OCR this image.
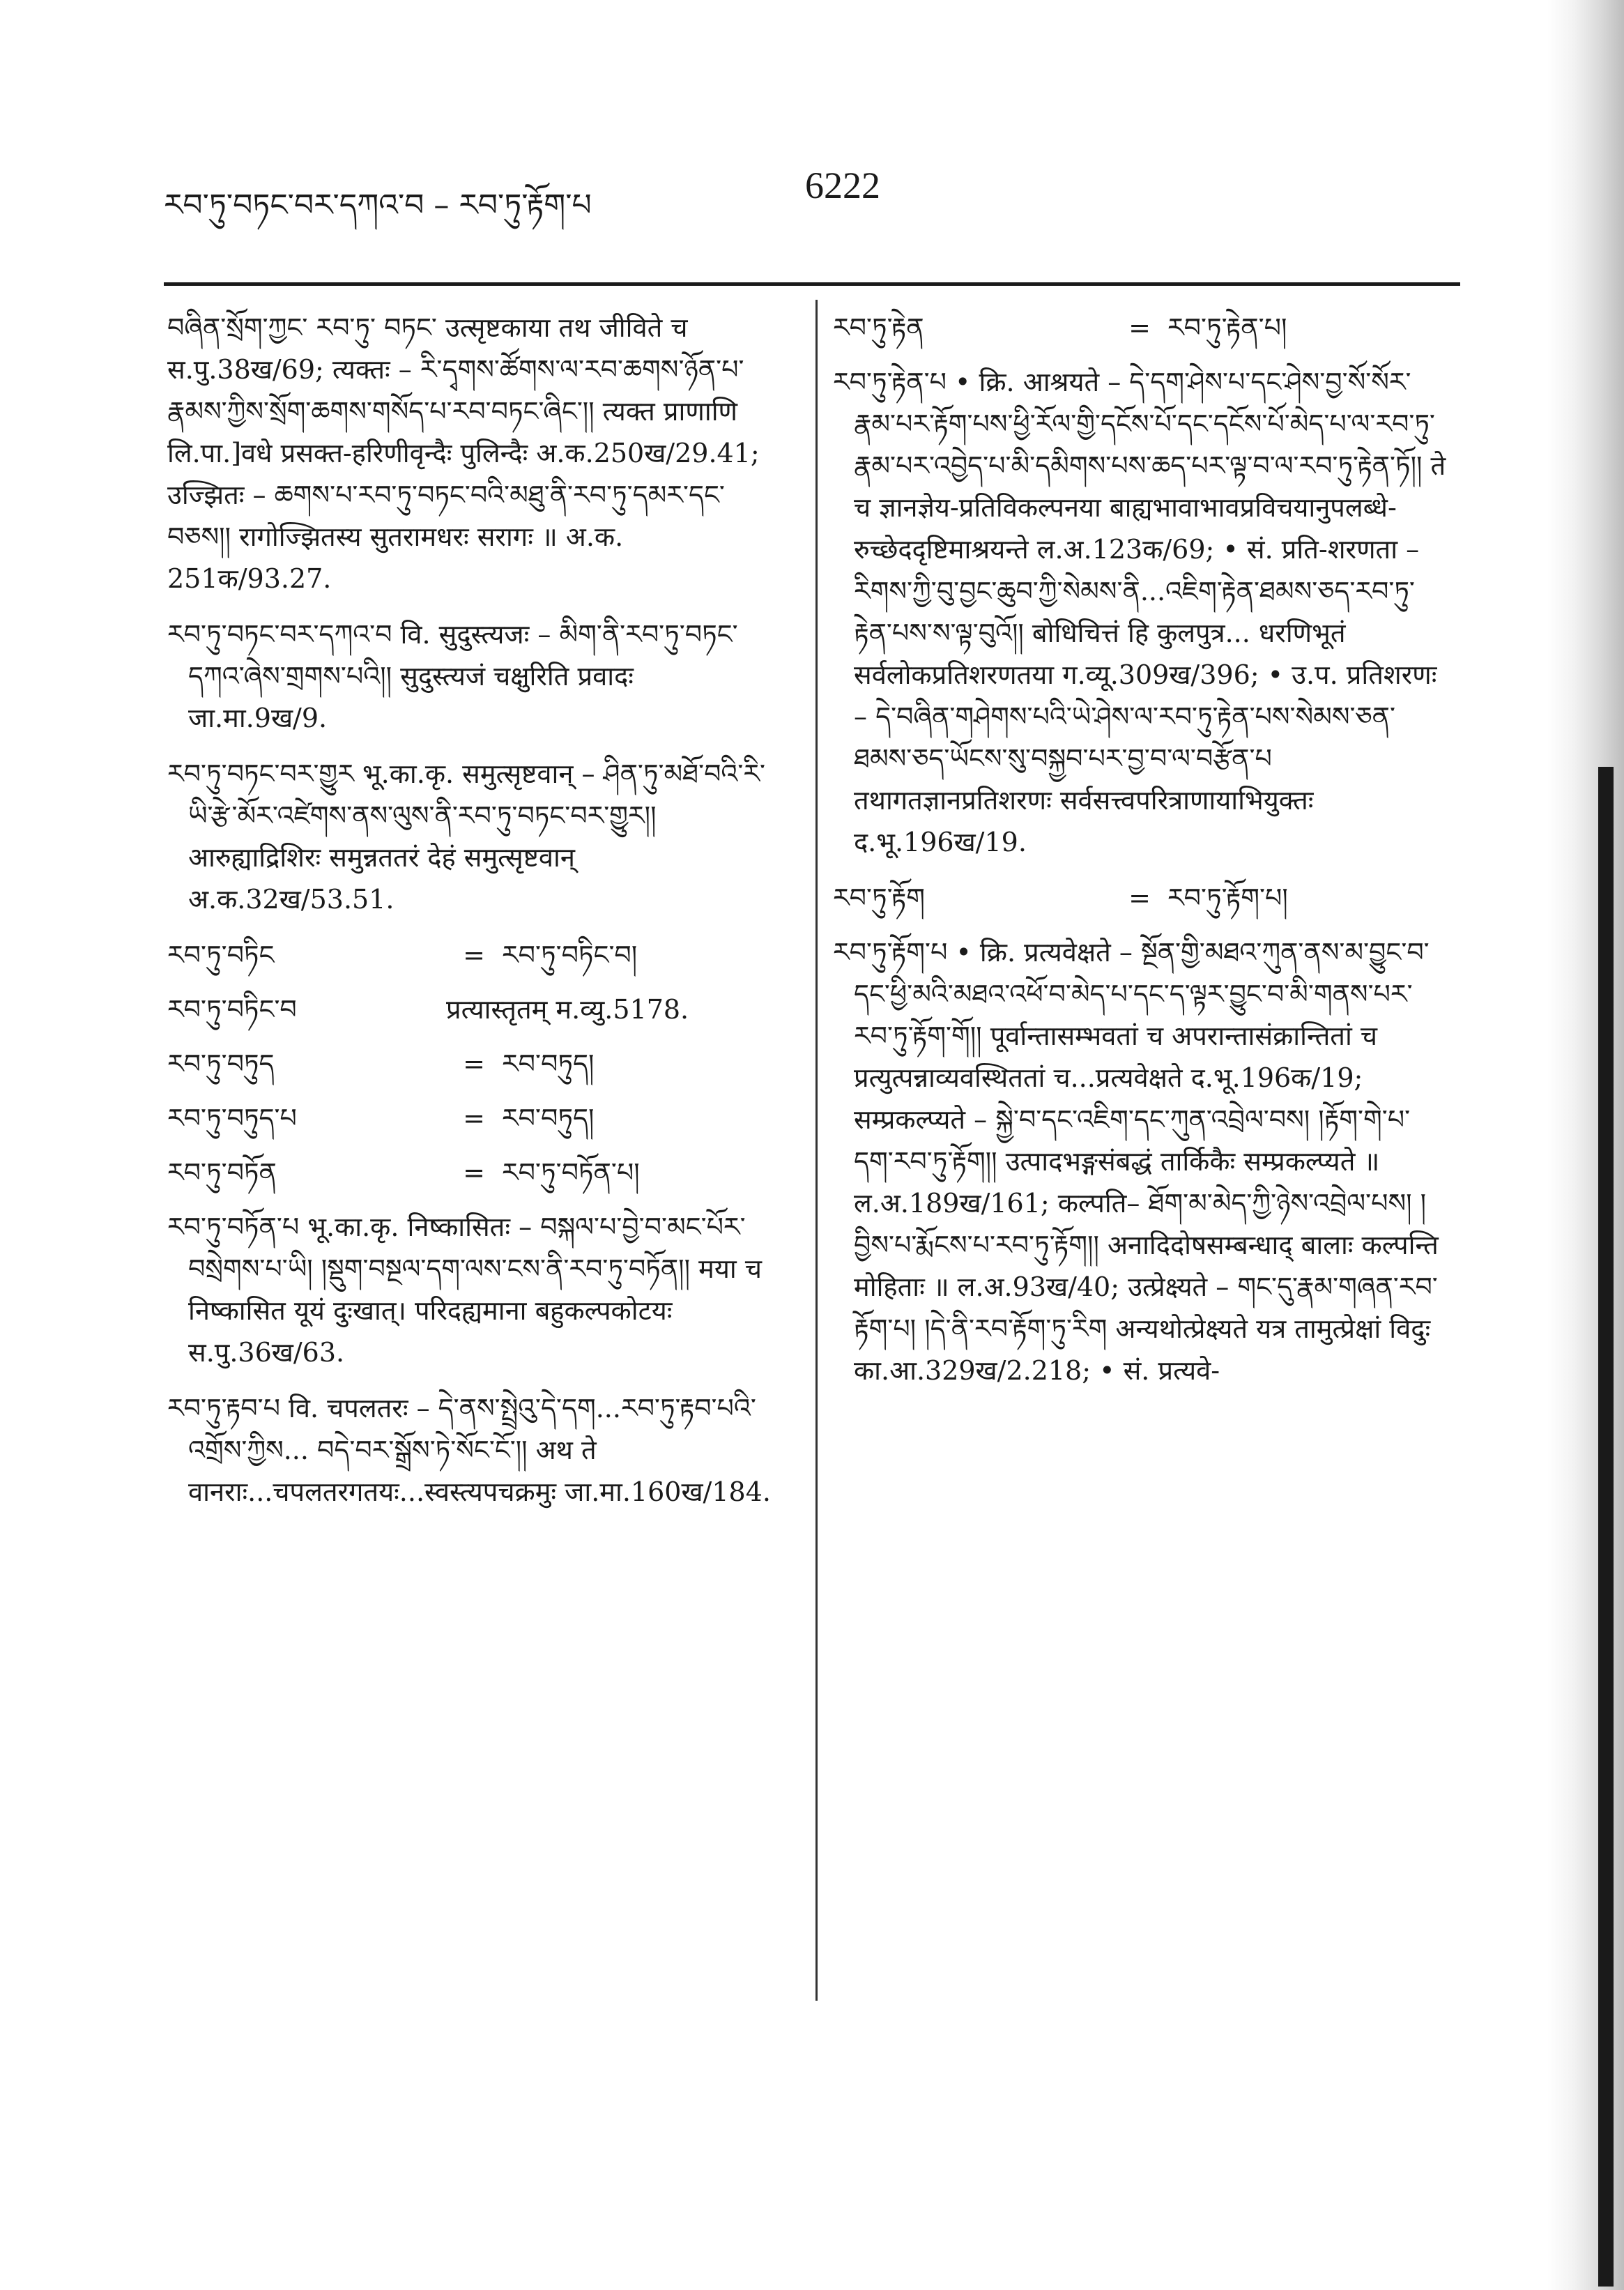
རབ་ཏུ་བཏང་བར་དཀའ་བ – རབ་ཏུ་རྟོག་པ	6222

བཞིན་སྲོག་ཀྱང་ རབ་ཏུ་ བཏང་ उत्सृष्टकाया तथ जीविते च स.पु.38ख/69; त्यक्तः – རི་དྭགས་ཚོགས་ལ་རབ་ཆགས་ཉོན་པ་རྣམས་ཀྱིས་སྲོག་ཆགས་གསོད་པ་རབ་བཏང་ཞིང་།། त्यक्त प्राणाणि लि.पा.]वधे प्रसक्त-हरिणीवृन्दैः पुलिन्दैः अ.क.250ख/29.41; उज्झितः – ཆགས་པ་རབ་ཏུ་བཏང་བའི་མཐུ་ནི་རབ་ཏུ་དམར་དང་བཅས།། रागोज्झितस्य सुतरामधरः सरागः ॥ अ.क. 251क/93.27.

རབ་ཏུ་བཏང་བར་དཀའ་བ वि. सुदुस्त्यजः – མིག་ནི་རབ་ཏུ་བཏང་དཀའ་ཞེས་གྲགས་པའི།། सुदुस्त्यजं चक्षुरिति प्रवादः जा.मा.9ख/9.

རབ་ཏུ་བཏང་བར་གྱུར भू.का.कृ. समुत्सृष्टवान् – ཤིན་ཏུ་མཐོ་བའི་རི་ཡི་རྩེ་མོར་འཛེགས་ནས་ལུས་ནི་རབ་ཏུ་བཏང་བར་གྱུར།། आरुह्याद्रिशिरः समुन्नततरं देहं समुत्सृष्टवान् अ.क.32ख/53.51.

རབ་ཏུ་བཏིང	= རབ་ཏུ་བཏིང་བ།
རབ་ཏུ་བཏིང་བ	प्रत्यास्तृतम् म.व्यु.5178.
རབ་ཏུ་བཏུད	= རབ་བཏུད།
རབ་ཏུ་བཏུད་པ	= རབ་བཏུད།
རབ་ཏུ་བཏོན	= རབ་ཏུ་བཏོན་པ།

རབ་ཏུ་བཏོན་པ भू.का.कृ. निष्कासितः – བསྐལ་པ་བྱེ་བ་མང་པོར་བསྲེགས་པ་ཡི། །སྡུག་བསྔལ་དག་ལས་ངས་ནི་རབ་ཏུ་བཏོན།། मया च निष्कासित यूयं दुःखात्। परिदह्यमाना बहुकल्पकोटयः स.पु.36ख/63.

རབ་ཏུ་རྟབ་པ वि. चपलतरः – དེ་ནས་སྤྲེའུ་དེ་དག...རབ་ཏུ་རྟབ་པའི་འགྲོས་ཀྱིས... བདེ་བར་སྒྲོས་ཏེ་སོང་ངོ་།། अथ ते वानराः...चपलतरगतयः...स्वस्त्यपचक्रमुः जा.मा.160ख/184.

རབ་ཏུ་རྟེན	= རབ་ཏུ་རྟེན་པ།

རབ་ཏུ་རྟེན་པ • क्रि. आश्रयते – དེ་དག་ཤེས་པ་དང་ཤེས་བྱ་སོ་སོར་རྣམ་པར་རྟོག་པས་ཕྱི་རོལ་གྱི་དངོས་པོ་དང་དངོས་པོ་མེད་པ་ལ་རབ་ཏུ་རྣམ་པར་འབྱེད་པ་མི་དམིགས་པས་ཆད་པར་ལྟ་བ་ལ་རབ་ཏུ་རྟེན་ཏོ།། ते च ज्ञानज्ञेय-प्रतिविकल्पनया बाह्यभावाभावप्रविचयानुपलब्धे-रुच्छेददृष्टिमाश्रयन्ते ल.अ.123क/69; • सं. प्रति-शरणता – རིགས་ཀྱི་བུ་བྱང་ཆུབ་ཀྱི་སེམས་ནི...འཇིག་རྟེན་ཐམས་ཅད་རབ་ཏུ་རྟེན་པས་ས་ལྟ་བུའོ།། बोधिचित्तं हि कुलपुत्र... धरणिभूतं सर्वलोकप्रतिशरणतया ग.व्यू.309ख/396; • उ.प. प्रतिशरणः – དེ་བཞིན་གཤེགས་པའི་ཡེ་ཤེས་ལ་རབ་ཏུ་རྟེན་པས་སེམས་ཅན་ཐམས་ཅད་ཡོངས་སུ་བསྐྱབ་པར་བྱ་བ་ལ་བརྩོན་པ तथागतज्ञानप्रतिशरणः सर्वसत्त्वपरित्राणायाभियुक्तः द.भू.196ख/19.

རབ་ཏུ་རྟོག	= རབ་ཏུ་རྟོག་པ།

རབ་ཏུ་རྟོག་པ • क्रि. प्रत्यवेक्षते – སྔོན་གྱི་མཐའ་ཀུན་ནས་མ་བྱུང་བ་དང་ཕྱི་མའི་མཐའ་འཕོ་བ་མེད་པ་དང་ད་ལྟར་བྱུང་བ་མི་གནས་པར་རབ་ཏུ་རྟོག་གོ།། पूर्वान्तासम्भवतां च अपरान्तासंक्रान्तितां च प्रत्युत्पन्नाव्यवस्थिततां च...प्रत्यवेक्षते द.भू.196क/19; सम्प्रकल्प्यते – སྐྱེ་བ་དང་འཇིག་དང་ཀུན་འབྲེལ་བས། །རྟོག་གེ་པ་དག་རབ་ཏུ་རྟོག།། उत्पादभङ्गसंबद्धं तार्किकैः सम्प्रकल्प्यते ॥ ल.अ.189ख/161; कल्पति– ཐོག་མ་མེད་ཀྱི་ཉེས་འབྲེལ་པས། །བྱིས་པ་རྨོངས་པ་རབ་ཏུ་རྟོག།། अनादिदोषसम्बन्धाद् बालाः कल्पन्ति मोहिताः ॥ ल.अ.93ख/40; उत्प्रेक्ष्यते – གང་དུ་རྣམ་གཞན་རབ་རྟོག་པ། །དེ་ནི་རབ་རྟོག་ཏུ་རིག अन्यथोत्प्रेक्ष्यते यत्र तामुत्प्रेक्षां विदुः का.आ.329ख/2.218; • सं. प्रत्यवे-
